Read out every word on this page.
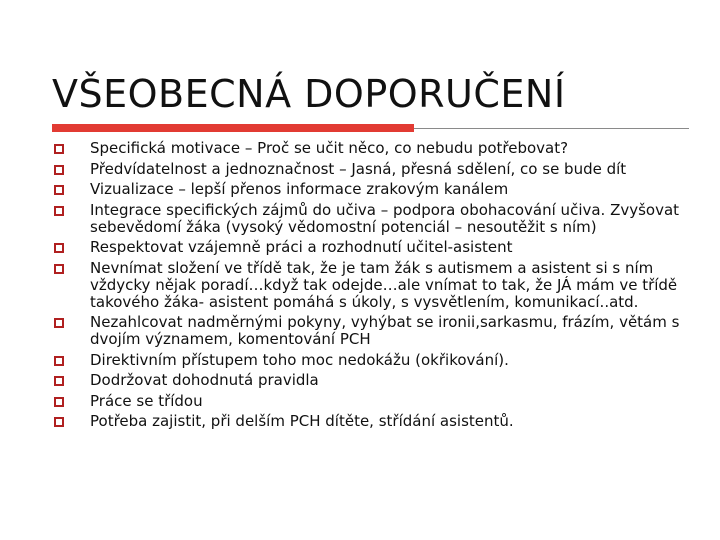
VŠEOBECNÁ DOPORUČENÍ
Specifická motivace – Proč se učit něco, co nebudu potřebovat?
Předvídatelnost a jednoznačnost – Jasná, přesná sdělení, co se bude dít
Vizualizace – lepší přenos informace zrakovým kanálem
Integrace specifických zájmů do učiva – podpora obohacování učiva. Zvyšovat sebevědomí žáka (vysoký vědomostní potenciál – nesoutěžit s ním)
Respektovat vzájemně práci a rozhodnutí učitel-asistent
Nevnímat složení ve třídě tak, že je tam žák s autismem a asistent si s ním vždycky nějak poradí…když tak odejde…ale vnímat to tak, že JÁ mám ve třídě takového žáka- asistent pomáhá s úkoly, s vysvětlením, komunikací..atd.
Nezahlcovat nadměrnými pokyny, vyhýbat se ironii,sarkasmu, frázím, větám s dvojím významem, komentování PCH
Direktivním přístupem toho moc nedokážu (okřikování).
Dodržovat dohodnutá pravidla
Práce se třídou
Potřeba zajistit, při delším PCH dítěte, střídání asistentů.
